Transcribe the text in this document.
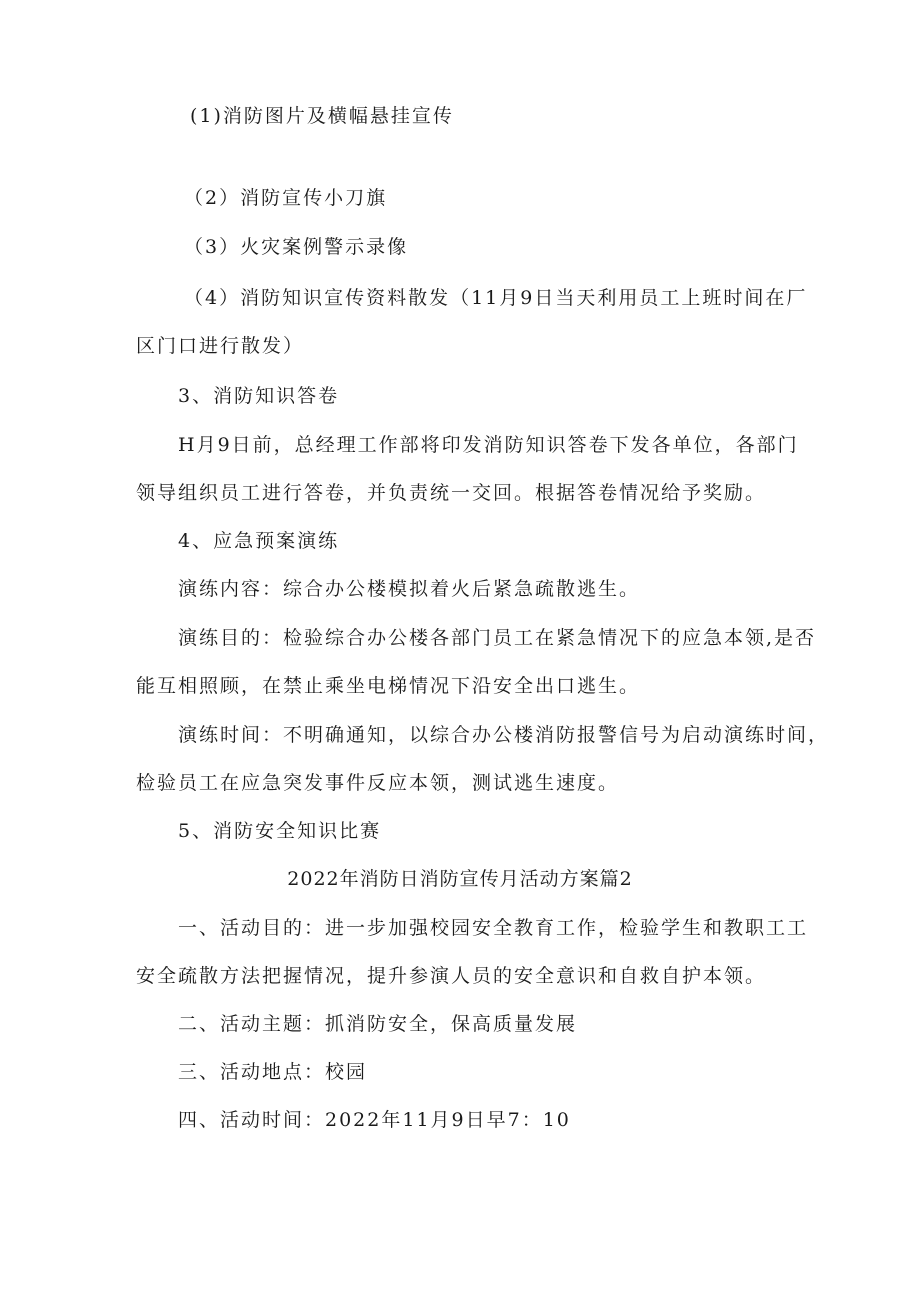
(1)消防图片及横幅悬挂宣传
（2）消防宣传小刀旗
（3）火灾案例警示录像
（4）消防知识宣传资料散发（11月9日当天利用员工上班时间在厂
区门口进行散发）
3、消防知识答卷
H月9日前，总经理工作部将印发消防知识答卷下发各单位，各部门
领导组织员工进行答卷，并负责统一交回。根据答卷情况给予奖励。
4、应急预案演练
演练内容：综合办公楼模拟着火后紧急疏散逃生。
演练目的：检验综合办公楼各部门员工在紧急情况下的应急本领,是否
能互相照顾，在禁止乘坐电梯情况下沿安全出口逃生。
演练时间：不明确通知，以综合办公楼消防报警信号为启动演练时间，
检验员工在应急突发事件反应本领，测试逃生速度。
5、消防安全知识比赛
2022年消防日消防宣传月活动方案篇2
一、活动目的：进一步加强校园安全教育工作，检验学生和教职工工
安全疏散方法把握情况，提升参演人员的安全意识和自救自护本领。
二、活动主题：抓消防安全，保高质量发展
三、活动地点：校园
四、活动时间：2022年11月9日早7：10
